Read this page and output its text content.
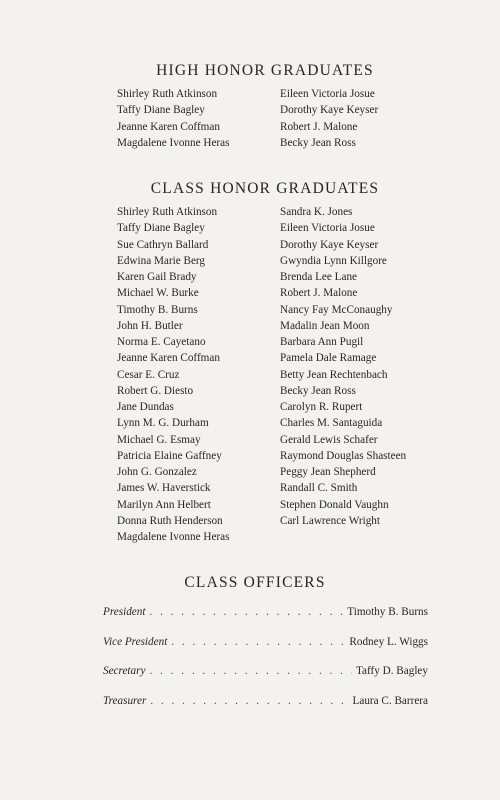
HIGH HONOR GRADUATES
Shirley Ruth Atkinson
Taffy Diane Bagley
Jeanne Karen Coffman
Magdalene Ivonne Heras
Eileen Victoria Josue
Dorothy Kaye Keyser
Robert J. Malone
Becky Jean Ross
CLASS HONOR GRADUATES
Shirley Ruth Atkinson
Taffy Diane Bagley
Sue Cathryn Ballard
Edwina Marie Berg
Karen Gail Brady
Michael W. Burke
Timothy B. Burns
John H. Butler
Norma E. Cayetano
Jeanne Karen Coffman
Cesar E. Cruz
Robert G. Diesto
Jane Dundas
Lynn M. G. Durham
Michael G. Esmay
Patricia Elaine Gaffney
John G. Gonzalez
James W. Haverstick
Marilyn Ann Helbert
Donna Ruth Henderson
Magdalene Ivonne Heras
Sandra K. Jones
Eileen Victoria Josue
Dorothy Kaye Keyser
Gwyndia Lynn Killgore
Brenda Lee Lane
Robert J. Malone
Nancy Fay McConaughy
Madalin Jean Moon
Barbara Ann Pugil
Pamela Dale Ramage
Betty Jean Rechtenbach
Becky Jean Ross
Carolyn R. Rupert
Charles M. Santaguida
Gerald Lewis Schafer
Raymond Douglas Shasteen
Peggy Jean Shepherd
Randall C. Smith
Stephen Donald Vaughn
Carl Lawrence Wright
CLASS OFFICERS
President . . .	Timothy B. Burns
Vice President . . .	Rodney L. Wiggs
Secretary . . .	Taffy D. Bagley
Treasurer . . .	Laura C. Barrera
